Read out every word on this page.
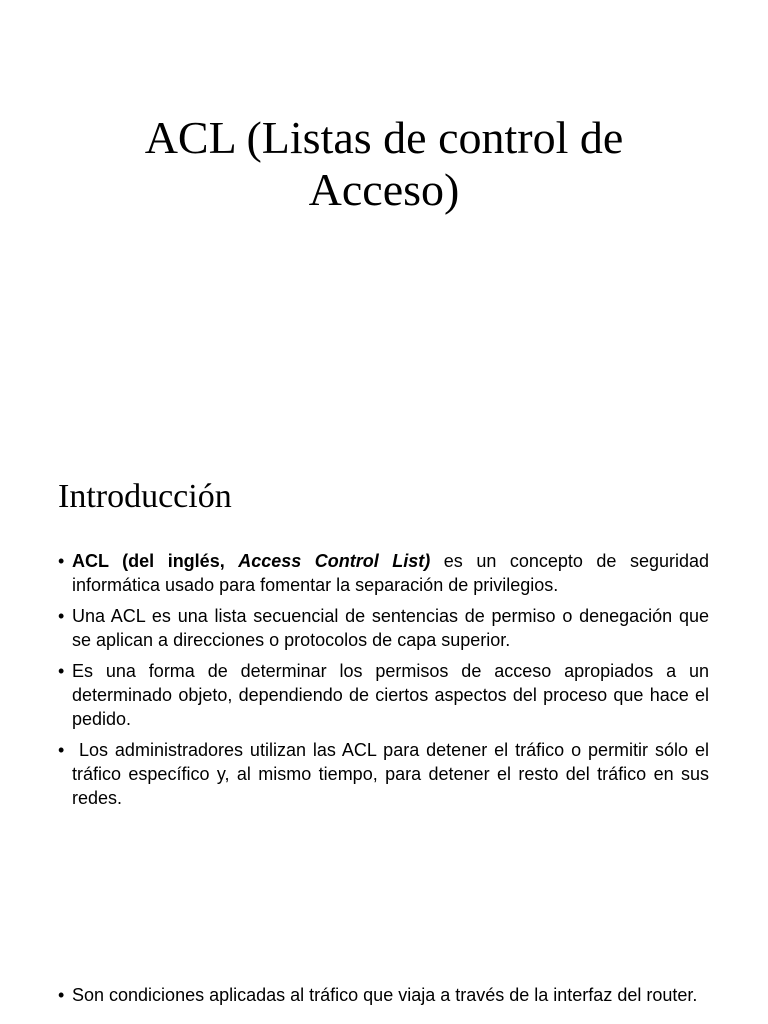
ACL (Listas de control de
Acceso)
Introducción
• ACL (del inglés, Access Control List) es un concepto de seguridad informática usado para fomentar la separación de privilegios.
• Una ACL es una lista secuencial de sentencias de permiso o denegación que se aplican a direcciones o protocolos de capa superior.
• Es una forma de determinar los permisos de acceso apropiados a un determinado objeto, dependiendo de ciertos aspectos del proceso que hace el pedido.
• Los administradores utilizan las ACL para detener el tráfico o permitir sólo el tráfico específico y, al mismo tiempo, para detener el resto del tráfico en sus redes.
• Son condiciones aplicadas al tráfico que viaja a través de la interfaz del router.
